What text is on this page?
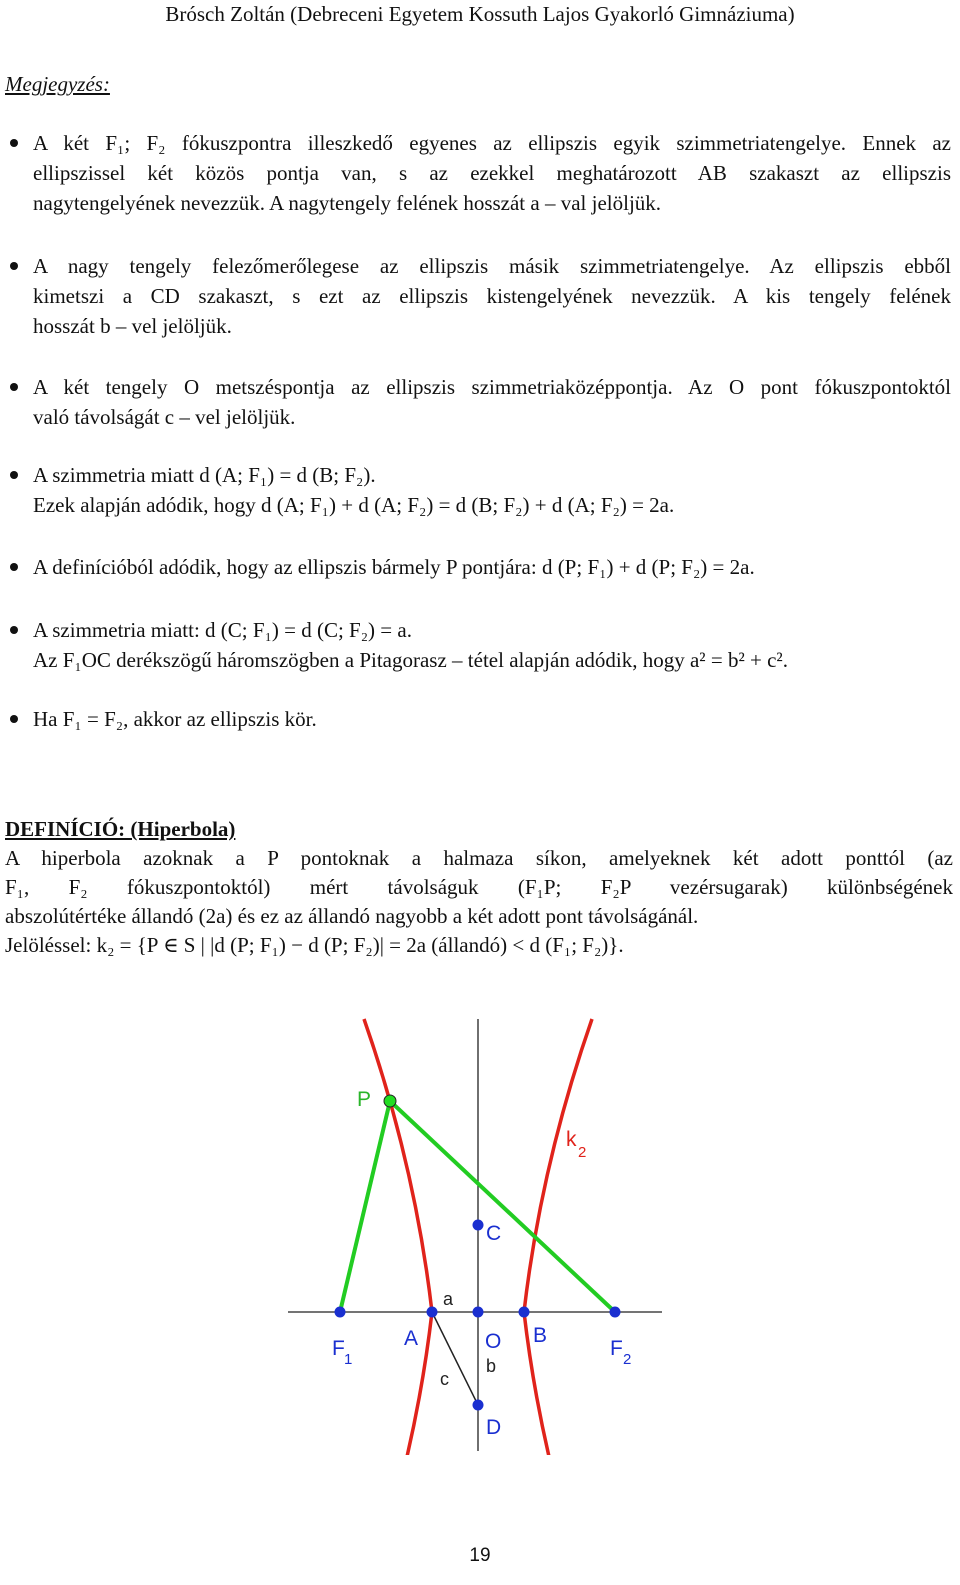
Brósch Zoltán (Debreceni Egyetem Kossuth Lajos Gyakorló Gimnáziuma)
Megjegyzés:
A két F₁; F₂ fókuszpontra illeszkedő egyenes az ellipszis egyik szimmetriatengelye. Ennek az
ellipszissel két közös pontja van, s az ezekkel meghatározott AB szakaszt az ellipszis
nagytengelyének nevezzük. A nagytengely felének hosszát a – val jelöljük.
A nagy tengely felezőmerőlegese az ellipszis másik szimmetriatengelye. Az ellipszis ebből
kimetszi a CD szakaszt, s ezt az ellipszis kistengelyének nevezzük. A kis tengely felének
hosszát b – vel jelöljük.
A két tengely O metszéspontja az ellipszis szimmetriaközéppontja. Az O pont fókuszpontoktól
való távolságát c – vel jelöljük.
A szimmetria miatt d (A; F₁) = d (B; F₂).
Ezek alapján adódik, hogy d (A; F₁) + d (A; F₂) = d (B; F₂) + d (A; F₂) = 2a.
A definícióból adódik, hogy az ellipszis bármely P pontjára: d (P; F₁) + d (P; F₂) = 2a.
A szimmetria miatt: d (C; F₁) = d (C; F₂) = a.
Az F₁OC derékszögű háromszögben a Pitagorasz – tétel alapján adódik, hogy a² = b² + c².
Ha F₁ = F₂, akkor az ellipszis kör.
DEFINÍCIÓ: (Hiperbola)
A hiperbola azoknak a P pontoknak a halmaza síkon, amelyeknek két adott ponttól (az
F₁, F₂ fókuszpontoktól) mért távolságuk (F₁P; F₂P vezérsugarak) különbségének
abszolútértéke állandó (2a) és ez az állandó nagyobb a két adott pont távolságánál.
Jelöléssel: k₂ = {P ∈ S | |d (P; F₁) − d (P; F₂)| = 2a (állandó) < d (F₁; F₂)}.
P
k
2
C
a
F 1
A	O B
F 2
b
c
D
19
